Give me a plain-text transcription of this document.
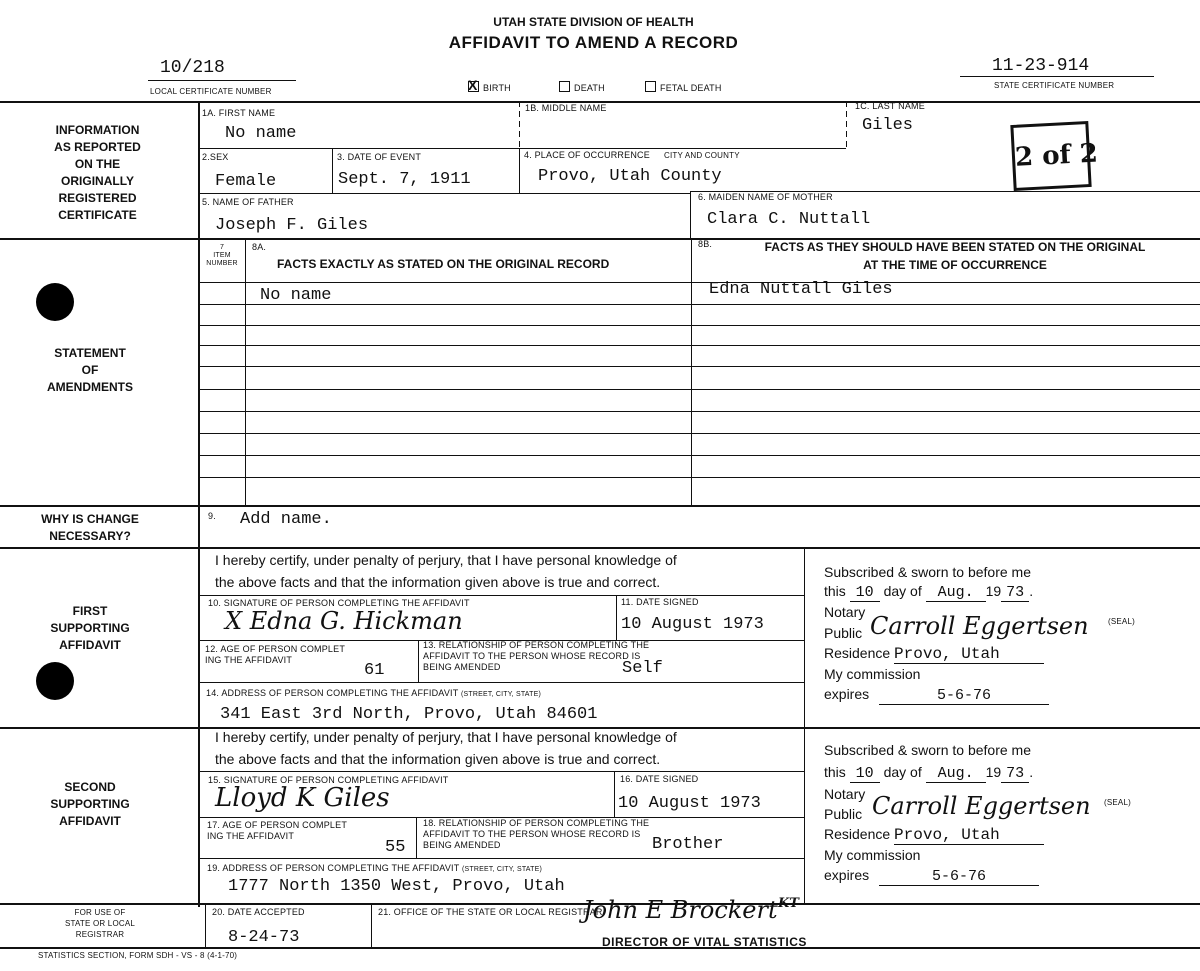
UTAH STATE DIVISION OF HEALTH
AFFIDAVIT TO AMEND A RECORD
10/218
LOCAL CERTIFICATE NUMBER
11-23-914
STATE CERTIFICATE NUMBER
X BIRTH	DEATH	FETAL DEATH
INFORMATION
AS REPORTED
ON THE
ORIGINALLY
REGISTERED
CERTIFICATE
1A. FIRST NAME
No name
1B. MIDDLE NAME	1C. LAST NAME
Giles
2 of 2
2.SEX
Female
3. DATE OF EVENT
Sept. 7, 1911
4. PLACE OF OCCURRENCE CITY AND COUNTY
Provo, Utah County
5. NAME OF FATHER
Joseph F. Giles
6. MAIDEN NAME OF MOTHER
Clara C. Nuttall
STATEMENT
OF
AMENDMENTS
7
ITEM
NUMBER
8A.
FACTS EXACTLY AS STATED ON THE ORIGINAL RECORD
8B.	FACTS AS THEY SHOULD HAVE BEEN STATED ON THE ORIGINAL
AT THE TIME OF OCCURRENCE
No name	Edna Nuttall Giles
WHY IS CHANGE
NECESSARY?
9. Add name.
FIRST
SUPPORTING
AFFIDAVIT
I hereby certify, under penalty of perjury, that I have personal knowledge of
the above facts and that the information given above is true and correct.
10. SIGNATURE OF PERSON COMPLETING THE AFFIDAVIT
X Edna G. Hickman
11. DATE SIGNED
10 August 1973
12. AGE OF PERSON COMPLET
ING THE AFFIDAVIT
61
13. RELATIONSHIP OF PERSON COMPLETING THE
AFFIDAVIT TO THE PERSON WHOSE RECORD IS
BEING AMENDED	Self
14. ADDRESS OF PERSON COMPLETING THE AFFIDAVIT (STREET, CITY, STATE)
341 East 3rd North, Provo, Utah 84601
Subscribed & sworn to before me
this 10 day of Aug. 19 73 .
Notary
Public Carroll Eggertsen (SEAL)
Residence Provo, Utah
My commission
expires	5-6-76
SECOND
SUPPORTING
AFFIDAVIT
I hereby certify, under penalty of perjury, that I have personal knowledge of
the above facts and that the information given above is true and correct.
15. SIGNATURE OF PERSON COMPLETING AFFIDAVIT
Lloyd K Giles
16. DATE SIGNED
10 August 1973
17. AGE OF PERSON COMPLET
ING THE AFFIDAVIT
55
18. RELATIONSHIP OF PERSON COMPLETING THE
AFFIDAVIT TO THE PERSON WHOSE RECORD IS
BEING AMENDED	Brother
19. ADDRESS OF PERSON COMPLETING THE AFFIDAVIT (STREET, CITY, STATE)
1777 North 1350 West, Provo, Utah
Subscribed & sworn to before me
this 10 day of Aug. 19 73 .
Notary
Public Carroll Eggertsen (SEAL)
Residence Provo, Utah
My commission
expires	5-6-76
FOR USE OF
STATE OR LOCAL
REGISTRAR
20. DATE ACCEPTED
8-24-73
21. OFFICE OF THE STATE OR LOCAL REGISTRAR
John E Brockert KT
DIRECTOR OF VITAL STATISTICS
STATISTICS SECTION, FORM SDH - VS - 8 (4-1-70)
